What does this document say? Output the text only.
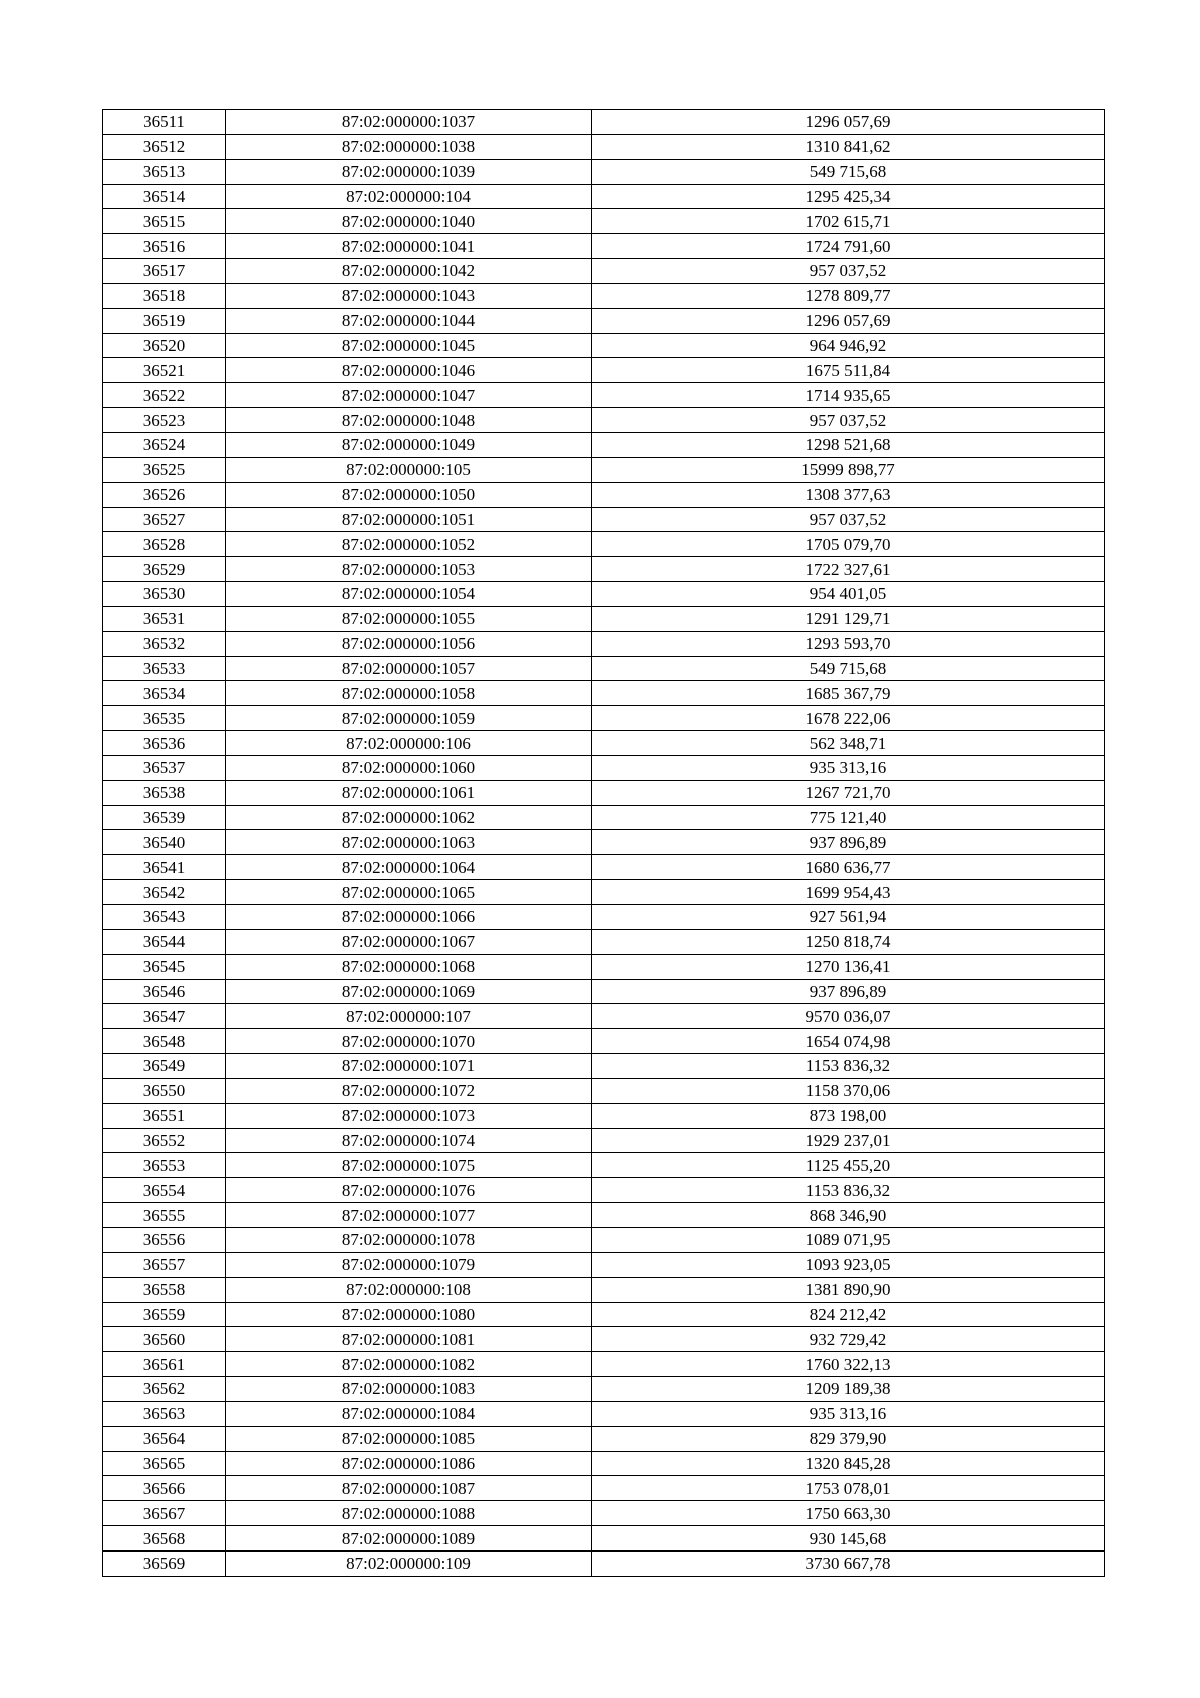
36511	87:02:000000:1037	1296 057,69
36512	87:02:000000:1038	1310 841,62
36513	87:02:000000:1039	549 715,68
36514	87:02:000000:104	1295 425,34
36515	87:02:000000:1040	1702 615,71
36516	87:02:000000:1041	1724 791,60
36517	87:02:000000:1042	957 037,52
36518	87:02:000000:1043	1278 809,77
36519	87:02:000000:1044	1296 057,69
36520	87:02:000000:1045	964 946,92
36521	87:02:000000:1046	1675 511,84
36522	87:02:000000:1047	1714 935,65
36523	87:02:000000:1048	957 037,52
36524	87:02:000000:1049	1298 521,68
36525	87:02:000000:105	15999 898,77
36526	87:02:000000:1050	1308 377,63
36527	87:02:000000:1051	957 037,52
36528	87:02:000000:1052	1705 079,70
36529	87:02:000000:1053	1722 327,61
36530	87:02:000000:1054	954 401,05
36531	87:02:000000:1055	1291 129,71
36532	87:02:000000:1056	1293 593,70
36533	87:02:000000:1057	549 715,68
36534	87:02:000000:1058	1685 367,79
36535	87:02:000000:1059	1678 222,06
36536	87:02:000000:106	562 348,71
36537	87:02:000000:1060	935 313,16
36538	87:02:000000:1061	1267 721,70
36539	87:02:000000:1062	775 121,40
36540	87:02:000000:1063	937 896,89
36541	87:02:000000:1064	1680 636,77
36542	87:02:000000:1065	1699 954,43
36543	87:02:000000:1066	927 561,94
36544	87:02:000000:1067	1250 818,74
36545	87:02:000000:1068	1270 136,41
36546	87:02:000000:1069	937 896,89
36547	87:02:000000:107	9570 036,07
36548	87:02:000000:1070	1654 074,98
36549	87:02:000000:1071	1153 836,32
36550	87:02:000000:1072	1158 370,06
36551	87:02:000000:1073	873 198,00
36552	87:02:000000:1074	1929 237,01
36553	87:02:000000:1075	1125 455,20
36554	87:02:000000:1076	1153 836,32
36555	87:02:000000:1077	868 346,90
36556	87:02:000000:1078	1089 071,95
36557	87:02:000000:1079	1093 923,05
36558	87:02:000000:108	1381 890,90
36559	87:02:000000:1080	824 212,42
36560	87:02:000000:1081	932 729,42
36561	87:02:000000:1082	1760 322,13
36562	87:02:000000:1083	1209 189,38
36563	87:02:000000:1084	935 313,16
36564	87:02:000000:1085	829 379,90
36565	87:02:000000:1086	1320 845,28
36566	87:02:000000:1087	1753 078,01
36567	87:02:000000:1088	1750 663,30
36568	87:02:000000:1089	930 145,68
36569	87:02:000000:109	3730 667,78
